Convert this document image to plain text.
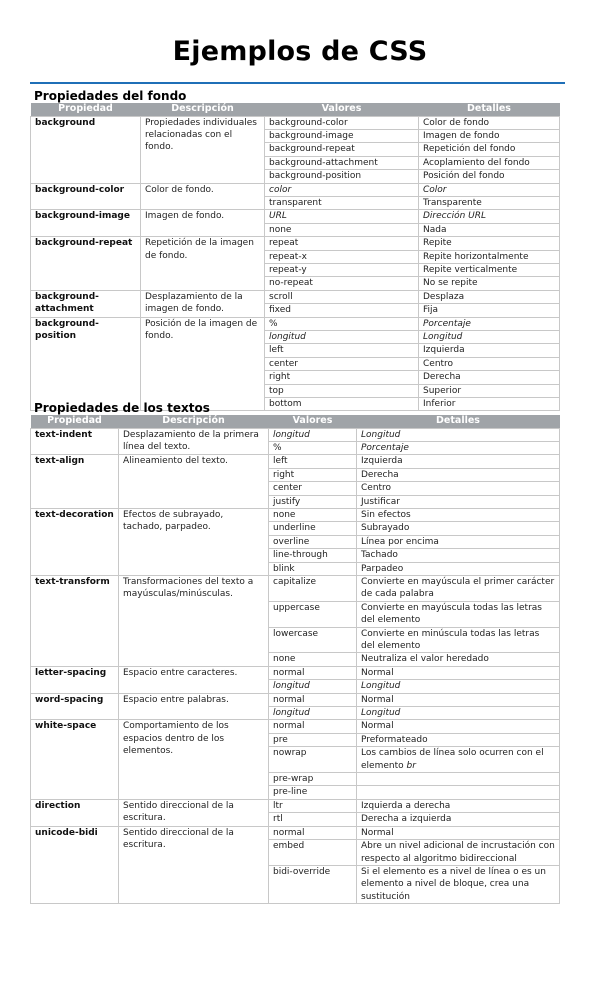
Ejemplos de CSS
Propiedades del fondo
Propiedad	Descripción	Valores	Detalles
background	Propiedades individuales relacionadas con el fondo.	background-color	Color de fondo
		background-image	Imagen de fondo
		background-repeat	Repetición del fondo
		background-attachment	Acoplamiento del fondo
		background-position	Posición del fondo
background-color	Color de fondo.	color	Color
		transparent	Transparente
background-image	Imagen de fondo.	URL	Dirección URL
		none	Nada
background-repeat	Repetición de la imagen de fondo.	repeat	Repite
		repeat-x	Repite horizontalmente
		repeat-y	Repite verticalmente
		no-repeat	No se repite
background-attachment	Desplazamiento de la imagen de fondo.	scroll	Desplaza
		fixed	Fija
background-position	Posición de la imagen de fondo.	%	Porcentaje
		longitud	Longitud
		left	Izquierda
		center	Centro
		right	Derecha
		top	Superior
		bottom	Inferior
Propiedades de los textos
Propiedad	Descripción	Valores	Detalles
text-indent	Desplazamiento de la primera línea del texto.	longitud	Longitud
		%	Porcentaje
text-align	Alineamiento del texto.	left	Izquierda
		right	Derecha
		center	Centro
		justify	Justificar
text-decoration	Efectos de subrayado, tachado, parpadeo.	none	Sin efectos
		underline	Subrayado
		overline	Línea por encima
		line-through	Tachado
		blink	Parpadeo
text-transform	Transformaciones del texto a mayúsculas/minúsculas.	capitalize	Convierte en mayúscula el primer carácter de cada palabra
		uppercase	Convierte en mayúscula todas las letras del elemento
		lowercase	Convierte en minúscula todas las letras del elemento
		none	Neutraliza el valor heredado
letter-spacing	Espacio entre caracteres.	normal	Normal
		longitud	Longitud
word-spacing	Espacio entre palabras.	normal	Normal
		longitud	Longitud
white-space	Comportamiento de los espacios dentro de los elementos.	normal	Normal
		pre	Preformateado
		nowrap	Los cambios de línea solo ocurren con el elemento br
		pre-wrap	
		pre-line	
direction	Sentido direccional de la escritura.	ltr	Izquierda a derecha
		rtl	Derecha a izquierda
unicode-bidi	Sentido direccional de la escritura.	normal	Normal
		embed	Abre un nivel adicional de incrustación con respecto al algoritmo bidireccional
		bidi-override	Si el elemento es a nivel de línea o es un elemento a nivel de bloque, crea una sustitución
